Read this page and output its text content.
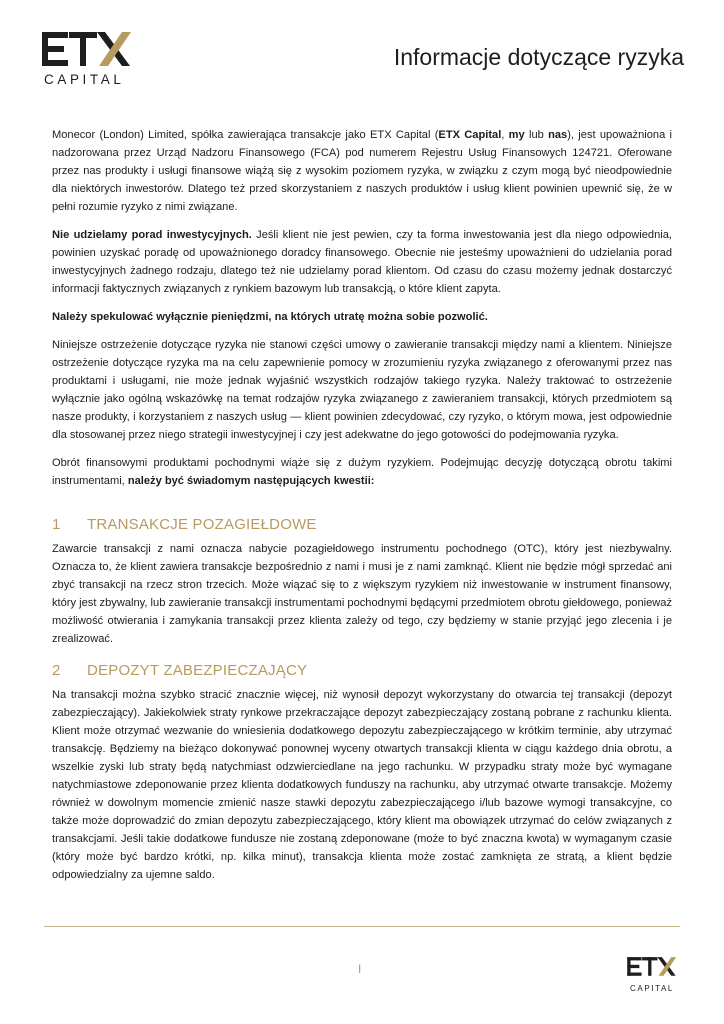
CAPITAL
Informacje dotyczące ryzyka

Monecor (London) Limited, spółka zawierająca transakcje jako ETX Capital (ETX Capital, my lub nas), jest upoważniona i nadzorowana przez Urząd Nadzoru Finansowego (FCA) pod numerem Rejestru Usług Finansowych 124721. Oferowane przez nas produkty i usługi finansowe wiążą się z wysokim poziomem ryzyka, w związku z czym mogą być nieodpowiednie dla niektórych inwestorów. Dlatego też przed skorzystaniem z naszych produktów i usług klient powinien upewnić się, że w pełni rozumie ryzyko z nimi związane.

Nie udzielamy porad inwestycyjnych. Jeśli klient nie jest pewien, czy ta forma inwestowania jest dla niego odpowiednia, powinien uzyskać poradę od upoważnionego doradcy finansowego. Obecnie nie jesteśmy upoważnieni do udzielania porad inwestycyjnych żadnego rodzaju, dlatego też nie udzielamy porad klientom. Od czasu do czasu możemy jednak dostarczyć informacji faktycznych związanych z rynkiem bazowym lub transakcją, o które klient zapyta.

Należy spekulować wyłącznie pieniędzmi, na których utratę można sobie pozwolić.

Niniejsze ostrzeżenie dotyczące ryzyka nie stanowi części umowy o zawieranie transakcji między nami a klientem. Niniejsze ostrzeżenie dotyczące ryzyka ma na celu zapewnienie pomocy w zrozumieniu ryzyka związanego z oferowanymi przez nas produktami i usługami, nie może jednak wyjaśnić wszystkich rodzajów takiego ryzyka. Należy traktować to ostrzeżenie wyłącznie jako ogólną wskazówkę na temat rodzajów ryzyka związanego z zawieraniem transakcji, których przedmiotem są nasze produkty, i korzystaniem z naszych usług — klient powinien zdecydować, czy ryzyko, o którym mowa, jest odpowiednie dla stosowanej przez niego strategii inwestycyjnej i czy jest adekwatne do jego gotowości do podejmowania ryzyka.

Obrót finansowymi produktami pochodnymi wiąże się z dużym ryzykiem. Podejmując decyzję dotyczącą obrotu takimi instrumentami, należy być świadomym następujących kwestii:

1 TRANSAKCJE POZAGIEŁDOWE

Zawarcie transakcji z nami oznacza nabycie pozagiełdowego instrumentu pochodnego (OTC), który jest niezbywalny. Oznacza to, że klient zawiera transakcje bezpośrednio z nami i musi je z nami zamknąć. Klient nie będzie mógł sprzedać ani zbyć transakcji na rzecz stron trzecich. Może wiązać się to z większym ryzykiem niż inwestowanie w instrument finansowy, który jest zbywalny, lub zawieranie transakcji instrumentami pochodnymi będącymi przedmiotem obrotu giełdowego, ponieważ możliwość otwierania i zamykania transakcji przez klienta zależy od tego, czy będziemy w stanie przyjąć jego zlecenia i je zrealizować.

2 DEPOZYT ZABEZPIECZAJĄCY

Na transakcji można szybko stracić znacznie więcej, niż wynosił depozyt wykorzystany do otwarcia tej transakcji (depozyt zabezpieczający). Jakiekolwiek straty rynkowe przekraczające depozyt zabezpieczający zostaną pobrane z rachunku klienta. Klient może otrzymać wezwanie do wniesienia dodatkowego depozytu zabezpieczającego w krótkim terminie, aby utrzymać transakcję. Będziemy na bieżąco dokonywać ponownej wyceny otwartych transakcji klienta w ciągu każdego dnia obrotu, a wszelkie zyski lub straty będą natychmiast odzwierciedlane na jego rachunku. W przypadku straty może być wymagane natychmiastowe zdeponowanie przez klienta dodatkowych funduszy na rachunku, aby utrzymać otwarte transakcje. Możemy również w dowolnym momencie zmienić nasze stawki depozytu zabezpieczającego i/lub bazowe wymogi transakcyjne, co także może doprowadzić do zmian depozytu zabezpieczającego, który klient ma obowiązek utrzymać do celów związanych z transakcjami. Jeśli takie dodatkowe fundusze nie zostaną zdeponowane (może to być znaczna kwota) w wymaganym czasie (który może być bardzo krótki, np. kilka minut), transakcja klienta może zostać zamknięta ze stratą, a klient będzie odpowiedzialny za ujemne saldo.

I
CAPITAL
